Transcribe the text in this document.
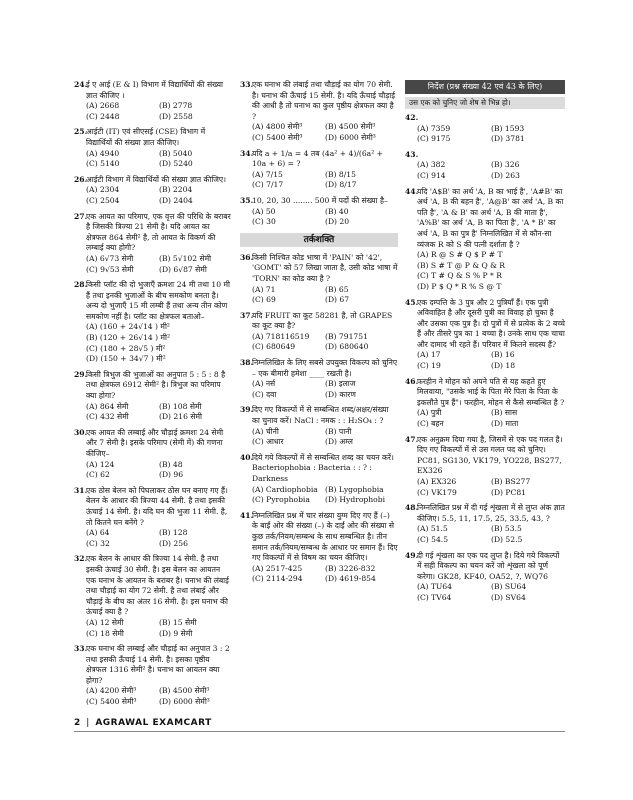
24.
ई ए आई (E & I) विभाग में विद्यार्थियों की संख्या ज्ञात कीजिए ।
(A) 2668	(B) 2778
(C) 2448	(D) 2558
25.
आईटी (IT) एवं सीएसई (CSE) विभाग में विद्यार्थियों की संख्या ज्ञात कीजिए।
(A) 4940	(B) 5040
(C) 5140	(D) 5240
26.
आईटी विभाग में विद्यार्थियों की संख्या ज्ञात कीजिए।
(A) 2304	(B) 2204
(C) 2504	(D) 2404
27.
एक आयत का परिमाप, एक वृत्त की परिधि के बराबर है जिसकी त्रिज्या 21 सेमी है। यदि आयत का क्षेत्रफल 864 सेमी² है, तो आयत के विकर्ण की लम्बाई क्या होगी?
(A) 6√73 सेमी	(B) 5√102 सेमी
(C) 9√53 सेमी	(D) 6√87 सेमी
28.
किसी प्लॉट की दो भुजाएँ क्रमशः 24 मी तथा 10 मी हैं तथा इनकी भुजाओं के बीच समकोण बनता है। अन्य दो भुजाएँ 15 मी लम्बी हैं तथा अन्य तीन कोण समकोण नहीं है। प्लॉट का क्षेत्रफल बताओ–
(A) (160 + 24√14 ) मी²
(B) (120 + 26√14 ) मी²
(C) (180 + 28√5 ) मी²
(D) (150 + 34√7 ) मी²
29.
किसी त्रिभुज की भुजाओं का अनुपात 5 : 5 : 8 है तथा क्षेत्रफल 6912 सेमी² है। त्रिभुज का परिमाप क्या होगा?
(A) 864 सेमी	(B) 108 सेमी
(C) 432 सेमी	(D) 216 सेमी
30.
एक आयत की लम्बाई और चौड़ाई क्रमशः 24 सेमी और 7 सेमी है। इसके परिमाप (सेमी में) की गणना कीजिए–
(A) 124	(B) 48
(C) 62	(D) 96
31.
एक ठोस बेलन को पिघलाकर ठोस घन बनाए गए हैं। बेलन के आधार की त्रिज्या 44 सेमी. है तथा इसकी ऊंचाई 14 सेमी. है। यदि घन की भुजा 11 सेमी. है, तो कितने घन बनेंगे ?
(A) 64	(B) 128
(C) 32	(D) 256
32.
एक बेलन के आधार की त्रिज्या 14 सेमी. है तथा इसकी ऊंचाई 30 सेमी. है। इस बेलन का आयतन एक घनाभ के आयतन के बराबर है। घनाभ की लंबाई तथा चौड़ाई का योग 72 सेमी. है तथा लंबाई और चौड़ाई के बीच का अंतर 16 सेमी. है। इस घनाभ की ऊंचाई क्या है ?
(A) 12 सेमी	(B) 15 सेमी
(C) 18 सेमी	(D) 9 सेमी
33.
एक घनाभ की लम्बाई और चौड़ाई का अनुपात 3 : 2 तथा इसकी ऊँचाई 14 सेमी. है। इसका पृष्ठीय क्षेत्रफल 1316 सेमी² है। घनाभ का आयतन क्या होगा?
(A) 4200 सेमी³	(B) 4500 सेमी³
(C) 5400 सेमी³	(D) 6000 सेमी³
33.
एक घनाभ की लंबाई तथा चौड़ाई का योग 70 सेमी. है। घनाभ की ऊँचाई 15 सेमी. है। यदि ऊँचाई चौड़ाई की आधी है तो घनाभ का कुल पृष्ठीय क्षेत्रफल क्या है ?
(A) 4800 सेमी³	(B) 4500 सेमी³
(C) 5400 सेमी³	(D) 6000 सेमी³
34.
यदि a + 1/a = 4 तब (4a² + 4)/(6a² + 10a + 6) = ?
(A) 7/15	(B) 8/15
(C) 7/17	(D) 8/17
35.
10, 20, 30 ........ 500 में पदों की संख्या है–
(A) 50	(B) 40
(C) 30	(D) 20
तर्कशक्ति
36.
किसी निश्चित कोड भाषा में 'PAIN' को '42', 'GOMT' को 57 लिखा जाता है, उसी कोड भाषा में 'TORN' का कोड क्या है ?
(A) 71	(B) 65
(C) 69	(D) 67
37.
यदि FRUIT का कूट 58281 है, तो GRAPES का कूट क्या है?
(A) 718116519	(B) 791751
(C) 680649	(D) 680640
38.
निम्नलिखित के लिए सबसे उपयुक्त विकल्प को चुनिए – एक बीमारी हमेशा ____ रखती है।
(A) नर्स	(B) इलाज
(C) दवा	(D) कारण
39.
दिए गए विकल्पों में से सम्बन्धित शब्द/अक्षर/संख्या का चुनाव करें। NaCl : नमक : : H₂SO₄ : ?
(A) चीनी	(B) पानी
(C) आधार	(D) अम्ल
40.
दिये गये विकल्पों में से सम्बन्धित शब्द का चयन करें। Bacteriophobia : Bacteria : : ? : Darkness
(A) Cardiophobia (B) Lygophobia
(C) Pyrophobia	(D) Hydrophobi
41.
निम्नलिखित प्रश्न में चार संख्या युग्म दिए गए हैं (–) के बाईं ओर की संख्या (–) के दाईं ओर की संख्या से कुछ तर्क/नियम/सम्बन्ध के साथ सम्बन्धित है। तीन समान तर्क/नियम/सम्बन्ध के आधार पर समान हैं। दिए गए विकल्पों में से विषम का चयन कीजिए।
(A) 2517-425	(B) 3226-832
(C) 2114-294	(D) 4619-854
निर्देश (प्रश्न संख्या 42 एवं 43 के लिए)
उस एक को चुनिए जो शेष से भिन्न हो।
42.
(A) 7359	(B) 1593
(C) 9175	(D) 3781
43.
(A) 382	(B) 326
(C) 914	(D) 263
44.
यदि 'A$B' का अर्थ 'A, B का भाई है', 'A#B' का अर्थ 'A, B की बहन है', 'A@B' का अर्थ 'A, B का पति है', 'A & B' का अर्थ 'A, B की माता है', 'A%B' का अर्थ 'A, B का पिता है', 'A * B' का अर्थ 'A, B का पुत्र है' निम्नलिखित में से कौन-सा व्यंजक R को S की पत्नी दर्शाता है ?
(A) R @ S # Q $ P # T
(B) S # T @ P & Q & R
(C) T # Q & S % P * R
(D) P $ Q * R % S @ T
45.
एक दम्पत्ति के 3 पुत्र और 2 पुत्रियाँ हैं। एक पुत्री अविवाहित है और दूसरी पुत्री का विवाह हो चुका है और उसका एक पुत्र है। दो पुत्रों में से प्रत्येक के 2 बच्चे हैं और तीसरे पुत्र का 1 बच्चा है। उनके साथ एक चाचा और दामाद भी रहते हैं। परिवार में कितने सदस्य हैं?
(A) 17	(B) 16
(C) 19	(D) 18
46.
फरहीन ने मोहन को अपने पति से यह कहते हुए मिलवाया, "उसके भाई के पिता मेरे पिता के पिता के इकलौते पुत्र हैं"। फरहीन, मोहन से कैसे सम्बन्धित है ?
(A) पुत्री	(B) सास
(C) बहन	(D) माता
47.
एक अनुक्रम दिया गया है, जिसमें से एक पद गलत है। दिए गए विकल्पों में से उस गलत पद को चुनिए। PC81, SG130, VK179, YO228, BS277, EX326
(A) EX326	(B) BS277
(C) VK179	(D) PC81
48.
निम्नलिखित प्रश्न में दी गई शृंखला में से लुप्त अंक ज्ञात कीजिए। 5.5, 11, 17.5, 25, 33.5, 43, ?
(A) 51.5	(B) 53.5
(C) 54.5	(D) 52.5
49.
दी गई शृंखला का एक पद लुप्त है। दिये गये विकल्पों में सही विकल्प का चयन करें जो शृंखला को पूर्ण करेगा। GK28, KF40, OA52, ?, WQ76
(A) TU64	(B) SU64
(C) TV64	(D) SV64
2 | AGRAWAL EXAMCART
